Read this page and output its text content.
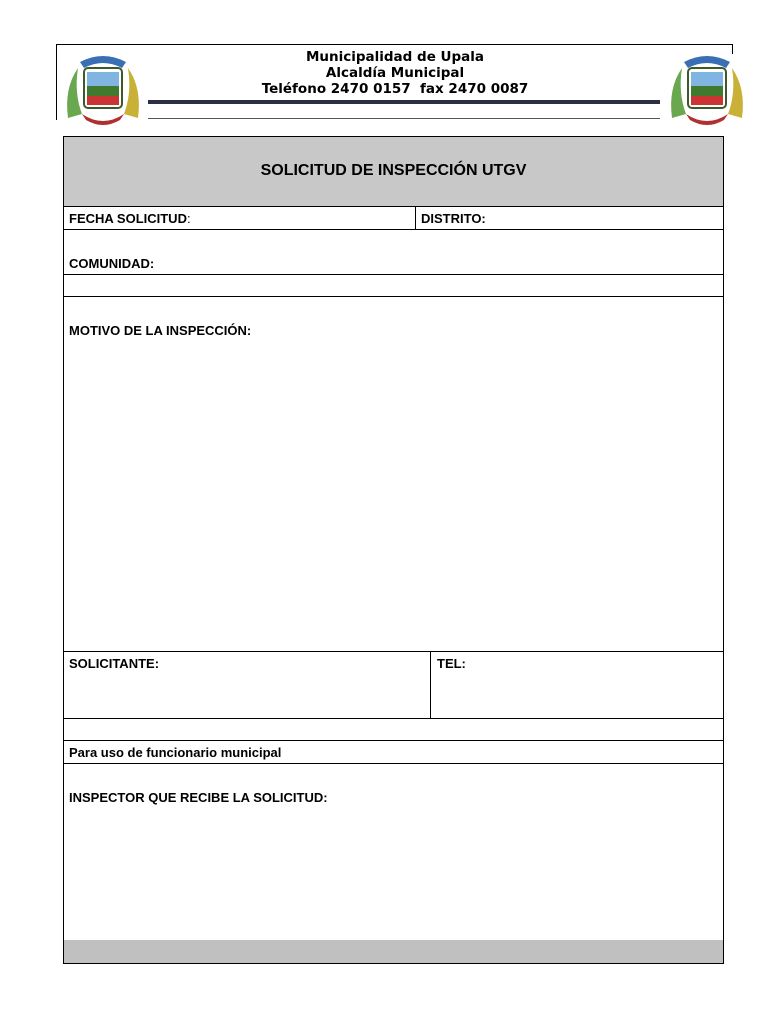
Municipalidad de Upala
Alcaldía Municipal
Teléfono 2470 0157  fax 2470 0087
SOLICITUD DE INSPECCIÓN UTGV
FECHA SOLICITUD:	DISTRITO:
COMUNIDAD:
MOTIVO DE LA INSPECCIÓN:
SOLICITANTE:	TEL:
Para uso de funcionario municipal
INSPECTOR QUE RECIBE LA SOLICITUD:
